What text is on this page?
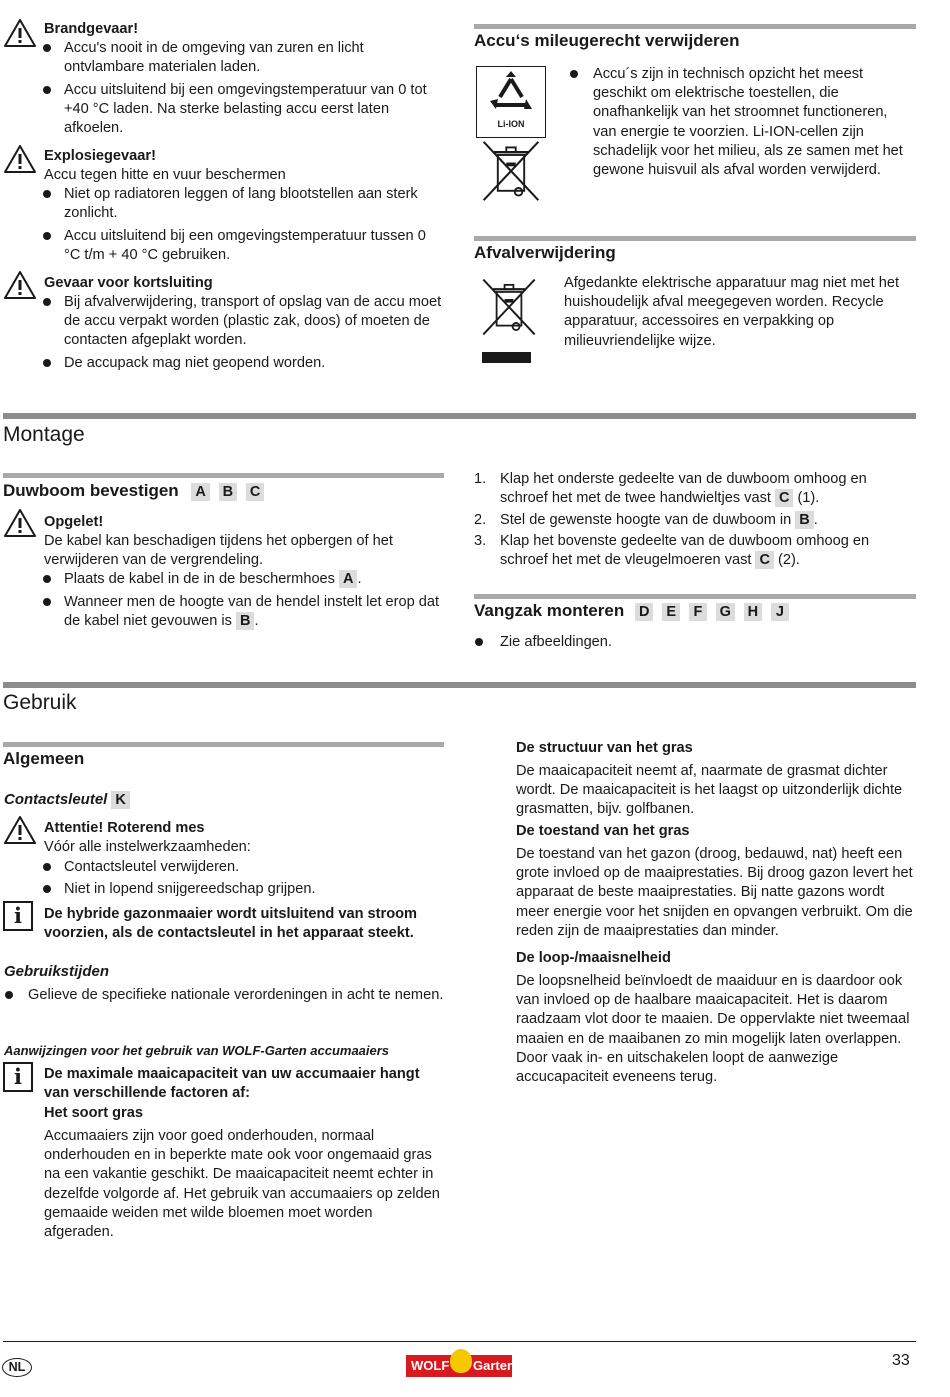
Brandgevaar!
Accu's nooit in de omgeving van zuren en licht ontvlambare materialen laden.
Accu uitsluitend bij een omgevingstemperatuur van 0 tot +40 °C laden. Na sterke belasting accu eerst laten afkoelen.
Explosiegevaar!
Accu tegen hitte en vuur beschermen
Niet op radiatoren leggen of lang blootstellen aan sterk zonlicht.
Accu uitsluitend bij een omgevingstemperatuur tussen 0 °C t/m + 40 °C gebruiken.
Gevaar voor kortsluiting
Bij afvalverwijdering, transport of opslag van de accu moet de accu verpakt worden (plastic zak, doos) of moeten de contacten afgeplakt worden.
De accupack mag niet geopend worden.
Accu‘s mileugerecht verwijderen
Li-ION
Accu´s zijn in technisch opzicht het meest geschikt om elektrische toestellen, die onafhankelijk van het stroomnet functioneren, van energie te voorzien. Li-ION-cellen zijn schadelijk voor het milieu, als ze samen met het gewone huisvuil als afval worden verwijderd.
Afvalverwijdering
Afgedankte elektrische apparatuur mag niet met het huishoudelijk afval meegegeven worden. Recycle apparatuur, accessoires en verpakking op milieuvriendelijke wijze.
Montage
Duwboom bevestigen A B C
Opgelet!
De kabel kan beschadigen tijdens het opbergen of het verwijderen van de vergrendeling.
Plaats de kabel in de in de beschermhoes A .
Wanneer men de hoogte van de hendel instelt let erop dat de kabel niet gevouwen is B .
1. Klap het onderste gedeelte van de duwboom omhoog en schroef het met de twee handwieltjes vast C (1).
2. Stel de gewenste hoogte van de duwboom in B .
3. Klap het bovenste gedeelte van de duwboom omhoog en schroef het met de vleugelmoeren vast C (2).
Vangzak monteren D E F G H J
Zie afbeeldingen.
Gebruik
Algemeen
Contactsleutel K
Attentie! Roterend mes
Vóór alle instelwerkzaamheden:
Contactsleutel verwijderen.
Niet in lopend snijgereedschap grijpen.
i	De hybride gazonmaaier wordt uitsluitend van stroom voorzien, als de contactsleutel in het apparaat steekt.
Gebruikstijden
Gelieve de specifieke nationale verordeningen in acht te nemen.
Aanwijzingen voor het gebruik van WOLF-Garten accumaaiers
i	De maximale maaicapaciteit van uw accumaaier hangt van verschillende factoren af:
Het soort gras
Accumaaiers zijn voor goed onderhouden, normaal onderhouden en in beperkte mate ook voor ongemaaid gras na een vakantie geschikt. De maaicapaciteit neemt echter in dezelfde volgorde af. Het gebruik van accumaaiers op zelden gemaaide weiden met wilde bloemen moet worden afgeraden.
De structuur van het gras
De maaicapaciteit neemt af, naarmate de grasmat dichter wordt. De maaicapaciteit is het laagst op uitzonderlijk dichte grasmatten, bijv. golfbanen.
De toestand van het gras
De toestand van het gazon (droog, bedauwd, nat) heeft een grote invloed op de maaiprestaties. Bij droog gazon levert het apparaat de beste maaiprestaties. Bij natte gazons wordt meer energie voor het snijden en opvangen verbruikt. Om die reden zijn de maaiprestaties dan minder.
De loop-/maaisnelheid
De loopsnelheid beïnvloedt de maaiduur en is daardoor ook van invloed op de haalbare maaicapaciteit. Het is daarom raadzaam vlot door te maaien. De oppervlakte niet tweemaal maaien en de maaibanen zo min mogelijk laten overlappen. Door vaak in- en uitschakelen loopt de aanwezige accucapaciteit eveneens terug.
NL	WOLF Garten	33
